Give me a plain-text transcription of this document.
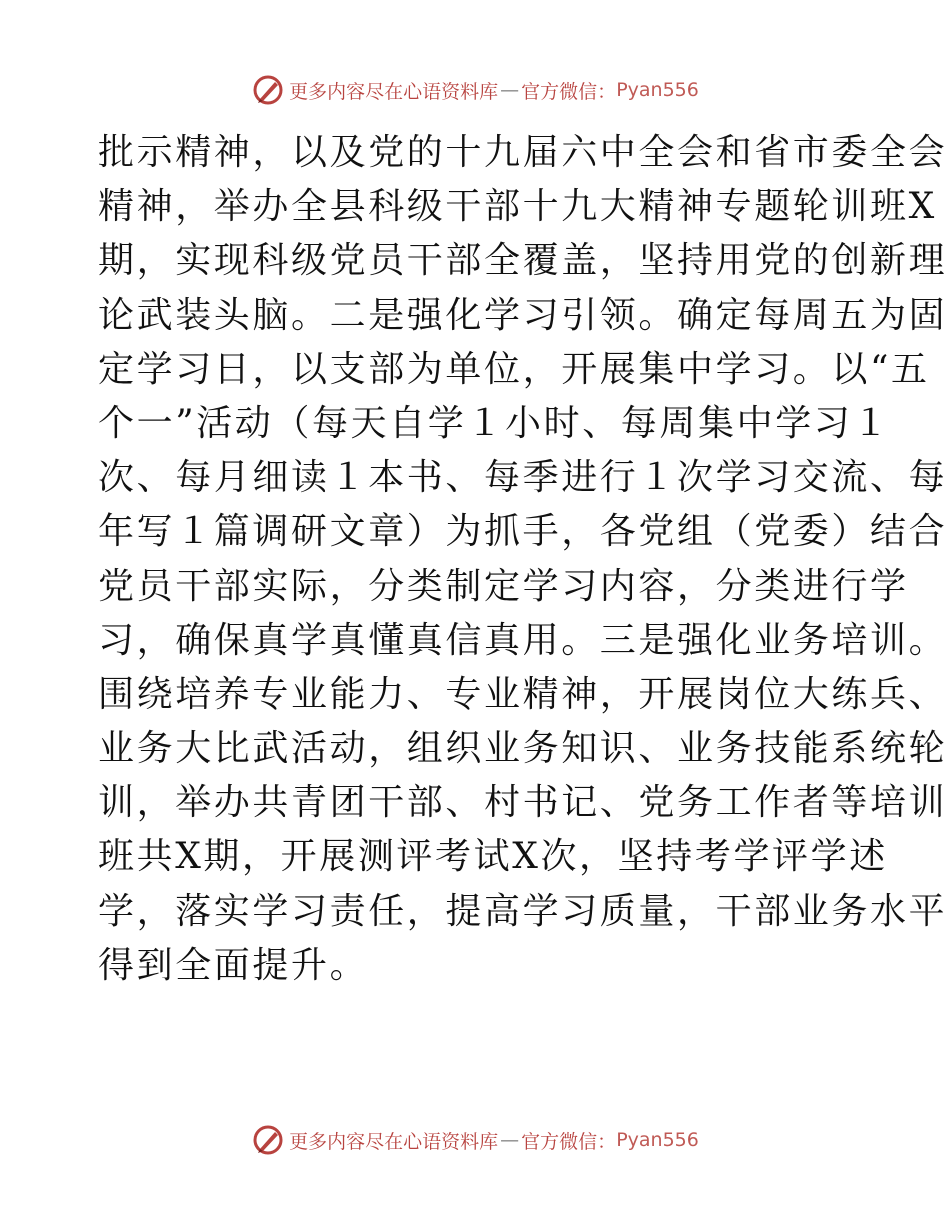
更多内容尽在心语资料库 — 官方微信： Pyan556
批示精神，以及党的十九届六中全会和省市委全会
精神，举办全县科级干部十九大精神专题轮训班Ⅹ
期，实现科级党员干部全覆盖，坚持用党的创新理
论武装头脑。二是强化学习引领。确定每周五为固
定学习日，以支部为单位，开展集中学习。以“五
个一”活动（每天自学１小时、每周集中学习１
次、每月细读１本书、每季进行１次学习交流、每
年写１篇调研文章）为抓手，各党组（党委）结合
党员干部实际，分类制定学习内容，分类进行学
习，确保真学真懂真信真用。三是强化业务培训。
围绕培养专业能力、专业精神，开展岗位大练兵、
业务大比武活动，组织业务知识、业务技能系统轮
训，举办共青团干部、村书记、党务工作者等培训
班共Ⅹ期，开展测评考试Ⅹ次，坚持考学评学述
学，落实学习责任，提高学习质量，干部业务水平
得到全面提升。
更多内容尽在心语资料库 — 官方微信： Pyan556
